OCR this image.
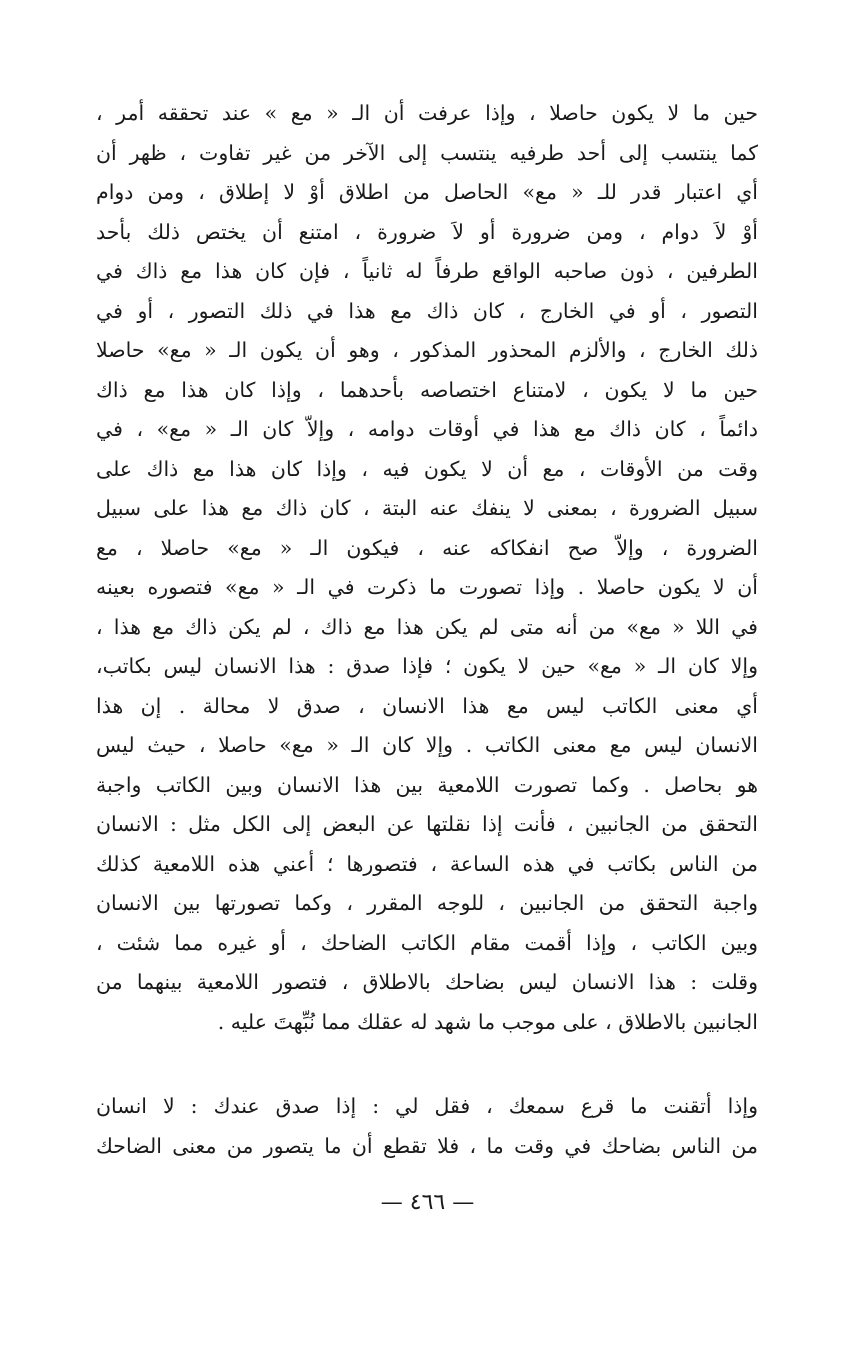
حين ما لا يكون حاصلا ، وإذا عرفت أن الـ « مع » عند تحققه أمر ،
كما ينتسب إلى أحد طرفيه ينتسب إلى الآخر من غير تفاوت ، ظهر أن
أي اعتبار قدر للـ « مع» الحاصل من اطلاق أوْ لا إطلاق ، ومن دوام
أوْ لاَ دوام ، ومن ضرورة أو لاَ ضرورة ، امتنع أن يختص ذلك بأحد
الطرفين ، ذون صاحبه الواقع طرفاً له ثانياً ، فإن كان هذا مع ذاك في
التصور ، أو في الخارج ، كان ذاك مع هذا في ذلك التصور ، أو في
ذلك الخارج ، والألزم المحذور المذكور ، وهو أن يكون الـ « مع» حاصلا
حين ما لا يكون ، لامتناع اختصاصه بأحدهما ، وإذا كان هذا مع ذاك
دائماً ، كان ذاك مع هذا في أوقات دوامه ، وإلاّ كان الـ « مع» ، في
وقت من الأوقات ، مع أن لا يكون فيه ، وإذا كان هذا مع ذاك على
سبيل الضرورة ، بمعنى لا ينفك عنه البتة ، كان ذاك مع هذا على سبيل
الضرورة ، وإلاّ صح انفكاكه عنه ، فيكون الـ « مع» حاصلا ، مع
أن لا يكون حاصلا . وإذا تصورت ما ذكرت في الـ « مع» فتصوره بعينه
في اللا « مع» من أنه متى لم يكن هذا مع ذاك ، لم يكن ذاك مع هذا ،
وإلا كان الـ « مع» حين لا يكون ؛ فإذا صدق : هذا الانسان ليس بكاتب،
أي معنى الكاتب ليس مع هذا الانسان ، صدق لا محالة . إن هذا
الانسان ليس مع معنى الكاتب . وإلا كان الـ « مع» حاصلا ، حيث ليس
هو بحاصل . وكما تصورت اللامعية بين هذا الانسان وبين الكاتب واجبة
التحقق من الجانبين ، فأنت إذا نقلتها عن البعض إلى الكل مثل : الانسان
من الناس بكاتب في هذه الساعة ، فتصورها ؛ أعني هذه اللامعية كذلك
واجبة التحقق من الجانبين ، للوجه المقرر ، وكما تصورتها بين الانسان
وبين الكاتب ، وإذا أقمت مقام الكاتب الضاحك ، أو غيره مما شئت ،
وقلت : هذا الانسان ليس بضاحك بالاطلاق ، فتصور اللامعية بينهما من
الجانبين بالاطلاق ، على موجب ما شهد له عقلك مما نُبِّهتَ عليه .
وإذا أتقنت ما قرع سمعك ، فقل لي : إذا صدق عندك : لا انسان
من الناس بضاحك في وقت ما ، فلا تقطع أن ما يتصور من معنى الضاحك
— ٤٦٦ —
